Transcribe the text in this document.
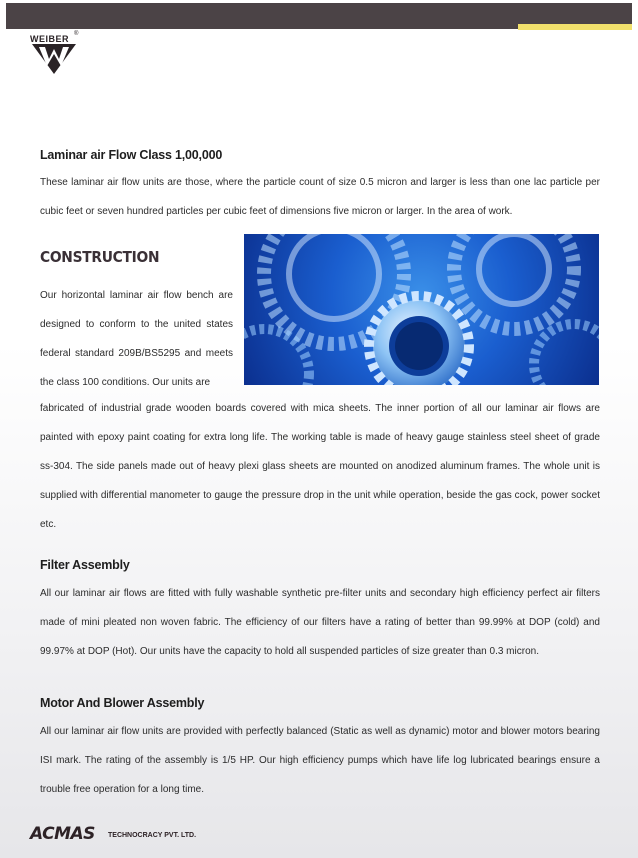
WEIBER ®
Laminar air Flow Class 1,00,000

These laminar air flow units are those, where the particle count of size 0.5 micron and larger is less than one lac particle per cubic feet or seven hundred particles per cubic feet of dimensions five micron or larger. In the area of work.

CONSTRUCTION

Our horizontal laminar air flow bench are designed to conform to the united states federal standard 209B/BS5295 and meets the class 100 conditions. Our units are

fabricated of industrial grade wooden boards covered with mica sheets. The inner portion of all our laminar air flows are painted with epoxy paint coating for extra long life. The working table is made of heavy gauge stainless steel sheet of grade ss-304. The side panels made out of heavy plexi glass sheets are mounted on anodized aluminum frames. The whole unit is supplied with differential manometer to gauge the pressure drop in the unit while operation, beside the gas cock, power socket etc.

Filter Assembly

All our laminar air flows are fitted with fully washable synthetic pre-filter units and secondary high efficiency perfect air filters made of mini pleated non woven fabric. The efficiency of our filters have a rating of better than 99.99% at DOP (cold) and 99.97% at DOP (Hot). Our units have the capacity to hold all suspended particles of size greater than 0.3 micron.

Motor And Blower Assembly

All our laminar air flow units are provided with perfectly balanced (Static as well as dynamic) motor and blower motors bearing ISI mark. The rating of the assembly is 1/5 HP. Our high efficiency pumps which have life log lubricated bearings ensure a trouble free operation for a long time.

ACMAS TECHNOCRACY PVT. LTD.
